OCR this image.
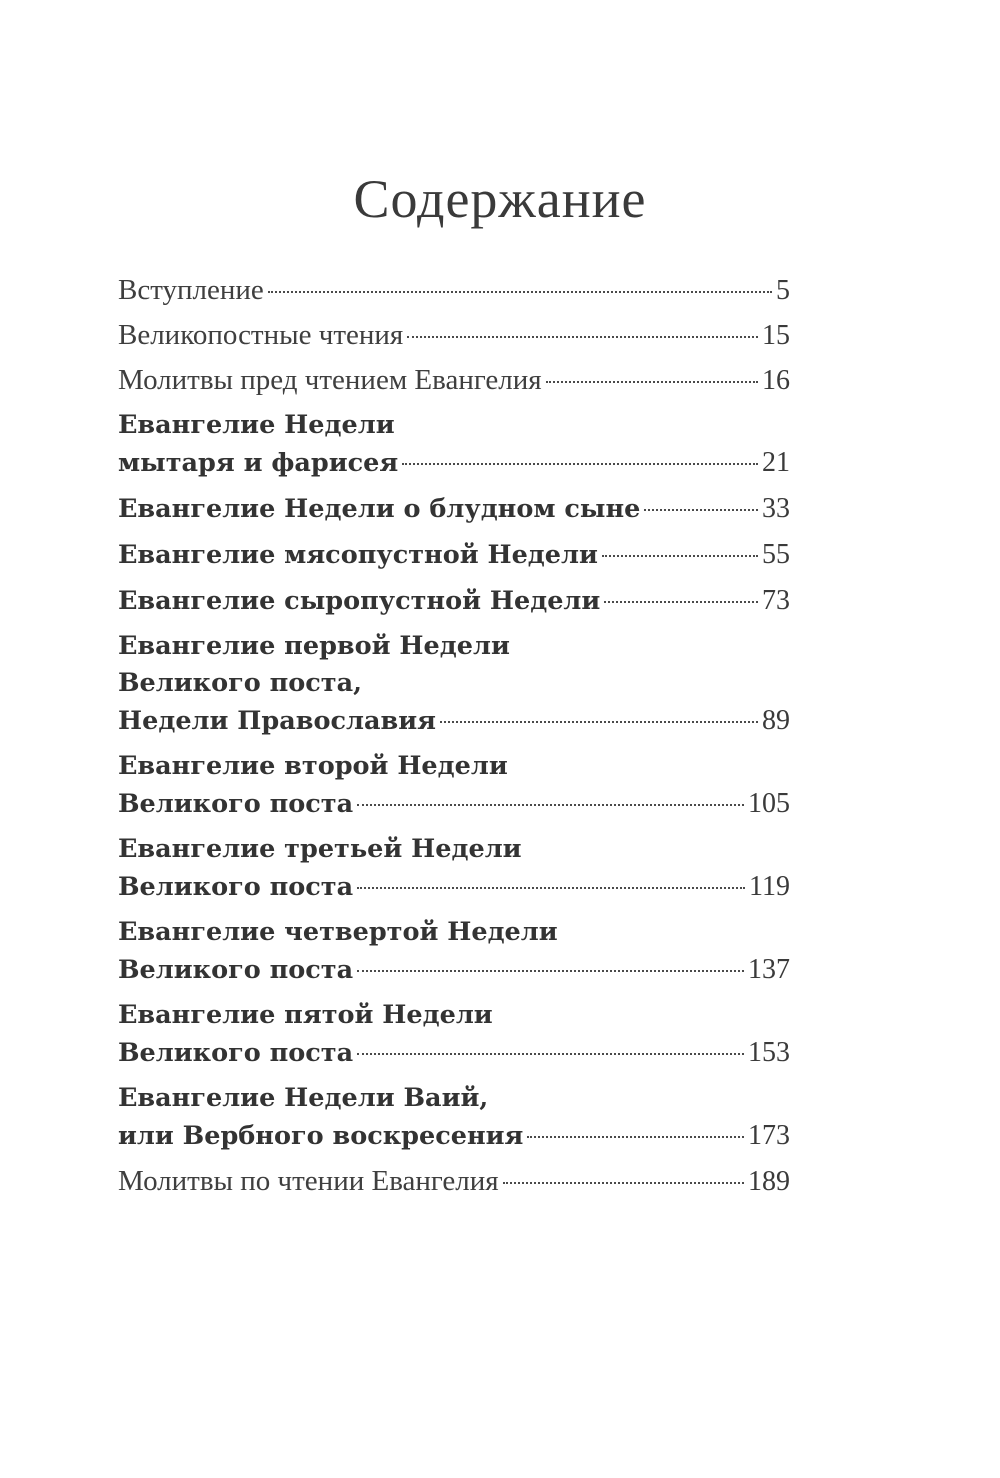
Содержание
Вступление	5
Великопостные чтения	15
Молитвы пред чтением Евангелия	16
Евангелие Недели
мытаря и фарисея	21
Евангелие Недели о блудном сыне	33
Евангелие мясопустной Недели	55
Евангелие сыропустной Недели	73
Евангелие первой Недели
Великого поста,
Недели Православия	89
Евангелие второй Недели
Великого поста	105
Евангелие третьей Недели
Великого поста	119
Евангелие четвертой Недели
Великого поста	137
Евангелие пятой Недели
Великого поста	153
Евангелие Недели Ваий,
или Вербного воскресения	173
Молитвы по чтении Евангелия	189
